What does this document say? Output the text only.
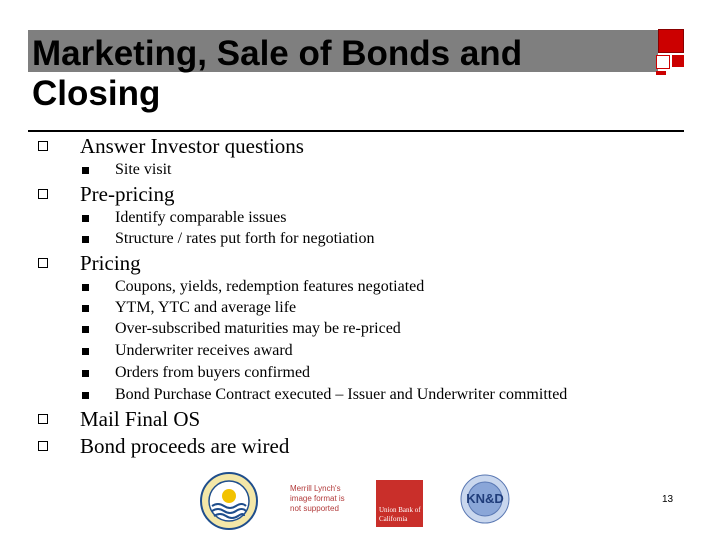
Marketing, Sale of Bonds and
Closing
Answer Investor questions
Site visit
Pre-pricing
Identify comparable issues
Structure / rates put forth for negotiation
Pricing
Coupons, yields, redemption features negotiated
YTM, YTC and average life
Over-subscribed maturities may be re-priced
Underwriter receives award
Orders from buyers confirmed
Bond Purchase Contract executed – Issuer and Underwriter committed
Mail Final OS
Bond proceeds are wired
Merrill Lynch's image format is not supported	Union Bank of California
KN&D	13
